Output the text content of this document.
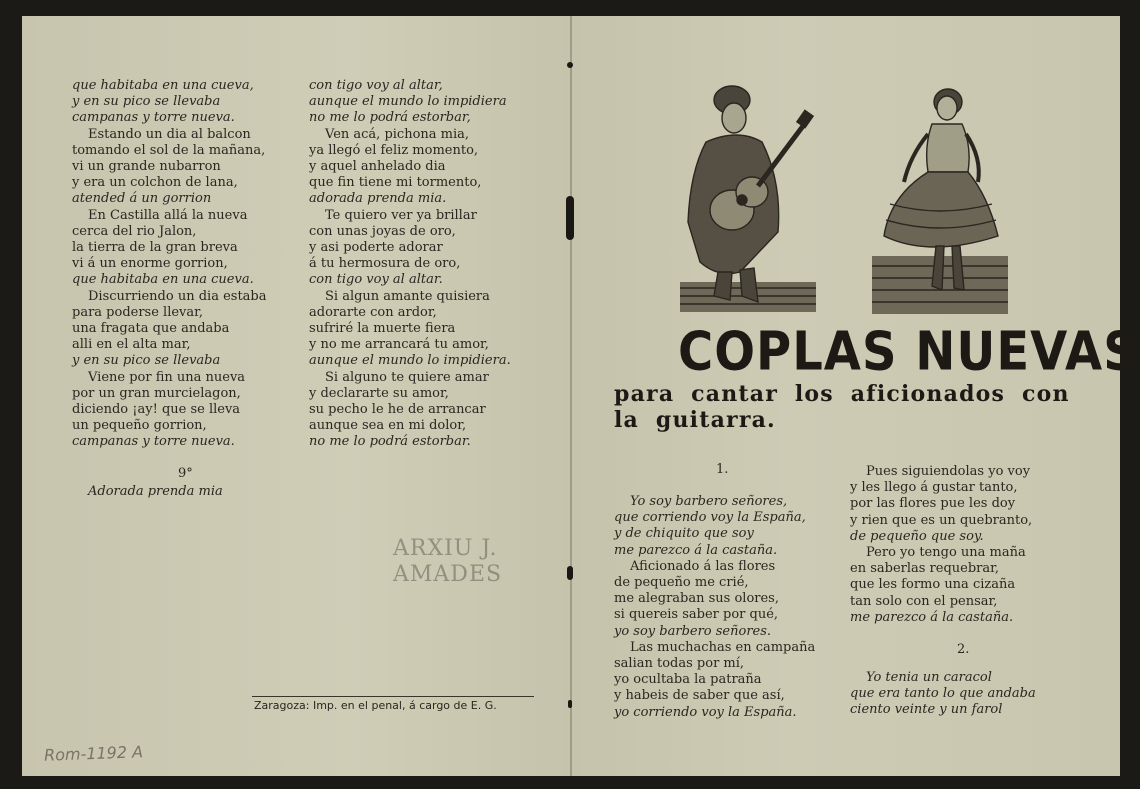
que habitaba en una cueva,
y en su pico se llevaba
campanas y torre nueva.
Estando un dia al balcon
tomando el sol de la mañana,
vi un grande nubarron
y era un colchon de lana,
atended á un gorrion
En Castilla allá la nueva
cerca del rio Jalon,
la tierra de la gran breva
vi á un enorme gorrion,
que habitaba en una cueva.
Discurriendo un dia estaba
para poderse llevar,
una fragata que andaba
alli en el alta mar,
y en su pico se llevaba
Viene por fin una nueva
por un gran murcielagon,
diciendo ¡ay! que se lleva
un pequeño gorrion,
campanas y torre nueva.
9°
Adorada prenda mia
con tigo voy al altar,
aunque el mundo lo impidiera
no me lo podrá estorbar,
Ven acá, pichona mia,
ya llegó el feliz momento,
y aquel anhelado dia
que fin tiene mi tormento,
adorada prenda mia.
Te quiero ver ya brillar
con unas joyas de oro,
y asi poderte adorar
á tu hermosura de oro,
con tigo voy al altar.
Si algun amante quisiera
adorarte con ardor,
sufriré la muerte fiera
y no me arrancará tu amor,
aunque el mundo lo impidiera.
Si alguno te quiere amar
y declararte su amor,
su pecho le he de arrancar
aunque sea en mi dolor,
no me lo podrá estorbar.
ARXIU J.
AMADES
Zaragoza: Imp. en el penal, á cargo de E. G.
Rom-1192 A
COPLAS NUEVAS
para cantar los aficionados con la guitarra.
1.
Yo soy barbero señores,
que corriendo voy la España,
y de chiquito que soy
me parezco á la castaña.
Aficionado á las flores
de pequeño me crié,
me alegraban sus olores,
si quereis saber por qué,
yo soy barbero señores.
Las muchachas en campaña
salian todas por mí,
yo ocultaba la patraña
y habeis de saber que así,
yo corriendo voy la España.
Pues siguiendolas yo voy
y les llego á gustar tanto,
por las flores pue les doy
y rien que es un quebranto,
de pequeño que soy.
Pero yo tengo una maña
en saberlas requebrar,
que les formo una cizaña
tan solo con el pensar,
me parezco á la castaña.
2.
Yo tenia un caracol
que era tanto lo que andaba
ciento veinte y un farol
